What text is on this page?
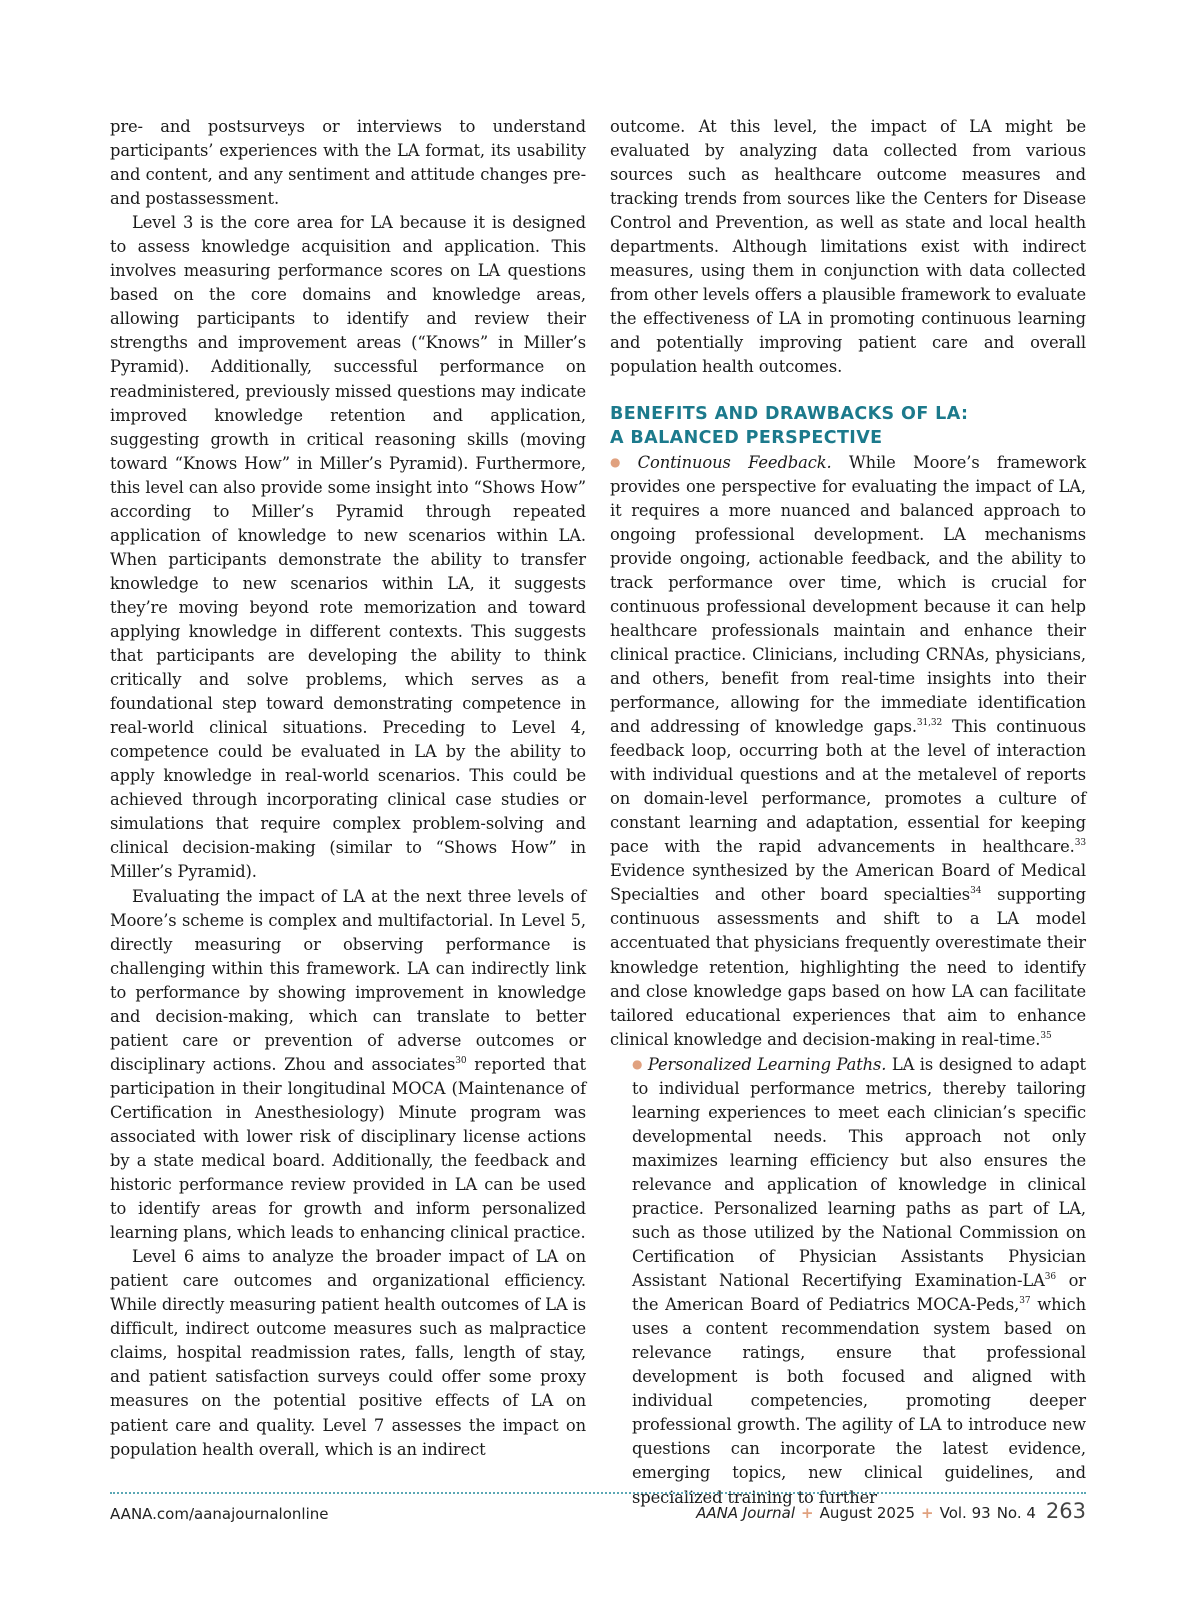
pre- and postsurveys or interviews to understand participants’ experiences with the LA format, its usability and content, and any sentiment and attitude changes pre- and postassessment.

Level 3 is the core area for LA because it is designed to assess knowledge acquisition and application. This involves measuring performance scores on LA questions based on the core domains and knowledge areas, allowing participants to identify and review their strengths and improvement areas (“Knows” in Miller’s Pyramid). Additionally, successful performance on readministered, previously missed questions may indicate improved knowledge retention and application, suggesting growth in critical reasoning skills (moving toward “Knows How” in Miller’s Pyramid). Furthermore, this level can also provide some insight into “Shows How” according to Miller’s Pyramid through repeated application of knowledge to new scenarios within LA. When participants demonstrate the ability to transfer knowledge to new scenarios within LA, it suggests they’re moving beyond rote memorization and toward applying knowledge in different contexts. This suggests that participants are developing the ability to think critically and solve problems, which serves as a foundational step toward demonstrating competence in real-world clinical situations. Preceding to Level 4, competence could be evaluated in LA by the ability to apply knowledge in real-world scenarios. This could be achieved through incorporating clinical case studies or simulations that require complex problem-solving and clinical decision-making (similar to “Shows How” in Miller’s Pyramid).

Evaluating the impact of LA at the next three levels of Moore’s scheme is complex and multifactorial. In Level 5, directly measuring or observing performance is challenging within this framework. LA can indirectly link to performance by showing improvement in knowledge and decision-making, which can translate to better patient care or prevention of adverse outcomes or disciplinary actions. Zhou and associates$^{30}$ reported that participation in their longitudinal MOCA (Maintenance of Certification in Anesthesiology) Minute program was associated with lower risk of disciplinary license actions by a state medical board. Additionally, the feedback and historic performance review provided in LA can be used to identify areas for growth and inform personalized learning plans, which leads to enhancing clinical practice.

Level 6 aims to analyze the broader impact of LA on patient care outcomes and organizational efficiency. While directly measuring patient health outcomes of LA is difficult, indirect outcome measures such as malpractice claims, hospital readmission rates, falls, length of stay, and patient satisfaction surveys could offer some proxy measures on the potential positive effects of LA on patient care and quality. Level 7 assesses the impact on population health overall, which is an indirect

outcome. At this level, the impact of LA might be evaluated by analyzing data collected from various sources such as healthcare outcome measures and tracking trends from sources like the Centers for Disease Control and Prevention, as well as state and local health departments. Although limitations exist with indirect measures, using them in conjunction with data collected from other levels offers a plausible framework to evaluate the effectiveness of LA in promoting continuous learning and potentially improving patient care and overall population health outcomes.

BENEFITS AND DRAWBACKS OF LA:
A BALANCED PERSPECTIVE

● Continuous Feedback. While Moore’s framework provides one perspective for evaluating the impact of LA, it requires a more nuanced and balanced approach to ongoing professional development. LA mechanisms provide ongoing, actionable feedback, and the ability to track performance over time, which is crucial for continuous professional development because it can help healthcare professionals maintain and enhance their clinical practice. Clinicians, including CRNAs, physicians, and others, benefit from real-time insights into their performance, allowing for the immediate identification and addressing of knowledge gaps.$^{31,32}$ This continuous feedback loop, occurring both at the level of interaction with individual questions and at the metalevel of reports on domain-level performance, promotes a culture of constant learning and adaptation, essential for keeping pace with the rapid advancements in healthcare.$^{33}$ Evidence synthesized by the American Board of Medical Specialties and other board specialties$^{34}$ supporting continuous assessments and shift to a LA model accentuated that physicians frequently overestimate their knowledge retention, highlighting the need to identify and close knowledge gaps based on how LA can facilitate tailored educational experiences that aim to enhance clinical knowledge and decision-making in real-time.$^{35}$

● Personalized Learning Paths. LA is designed to adapt to individual performance metrics, thereby tailoring learning experiences to meet each clinician’s specific developmental needs. This approach not only maximizes learning efficiency but also ensures the relevance and application of knowledge in clinical practice. Personalized learning paths as part of LA, such as those utilized by the National Commission on Certification of Physician Assistants Physician Assistant National Recertifying Examination-LA$^{36}$ or the American Board of Pediatrics MOCA-Peds,$^{37}$ which uses a content recommendation system based on relevance ratings, ensure that professional development is both focused and aligned with individual competencies, promoting deeper professional growth. The agility of LA to introduce new questions can incorporate the latest evidence, emerging topics, new clinical guidelines, and specialized training to further

AANA.com/aanajournalonline	AANA Journal + August 2025 + Vol. 93 No. 4 263
